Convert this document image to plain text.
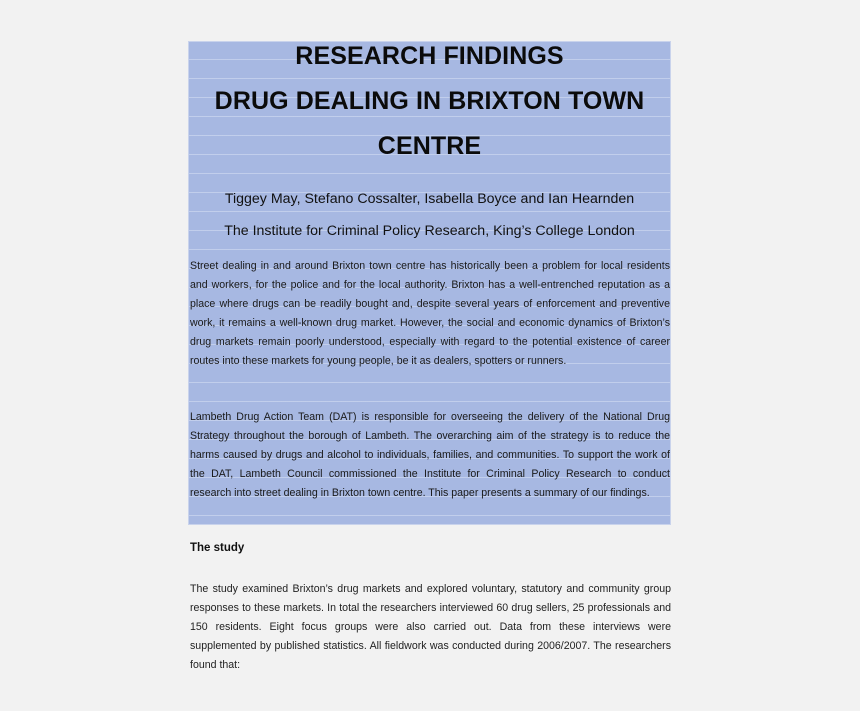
RESEARCH FINDINGS
DRUG DEALING IN BRIXTON TOWN
CENTRE
Tiggey May, Stefano Cossalter, Isabella Boyce and Ian Hearnden
The Institute for Criminal Policy Research, King’s College London

Street dealing in and around Brixton town centre has historically been a problem for local residents and workers, for the police and for the local authority. Brixton has a well-entrenched reputation as a place where drugs can be readily bought and, despite several years of enforcement and preventive work, it remains a well-known drug market. However, the social and economic dynamics of Brixton’s drug markets remain poorly understood, especially with regard to the potential existence of career routes into these markets for young people, be it as dealers, spotters or runners.

Lambeth Drug Action Team (DAT) is responsible for overseeing the delivery of the National Drug Strategy throughout the borough of Lambeth. The overarching aim of the strategy is to reduce the harms caused by drugs and alcohol to individuals, families, and communities. To support the work of the DAT, Lambeth Council commissioned the Institute for Criminal Policy Research to conduct research into street dealing in Brixton town centre. This paper presents a summary of our findings.

The study

The study examined Brixton’s drug markets and explored voluntary, statutory and community group responses to these markets. In total the researchers interviewed 60 drug sellers, 25 professionals and 150 residents. Eight focus groups were also carried out. Data from these interviews were supplemented by published statistics. All fieldwork was conducted during 2006/2007. The researchers found that:
